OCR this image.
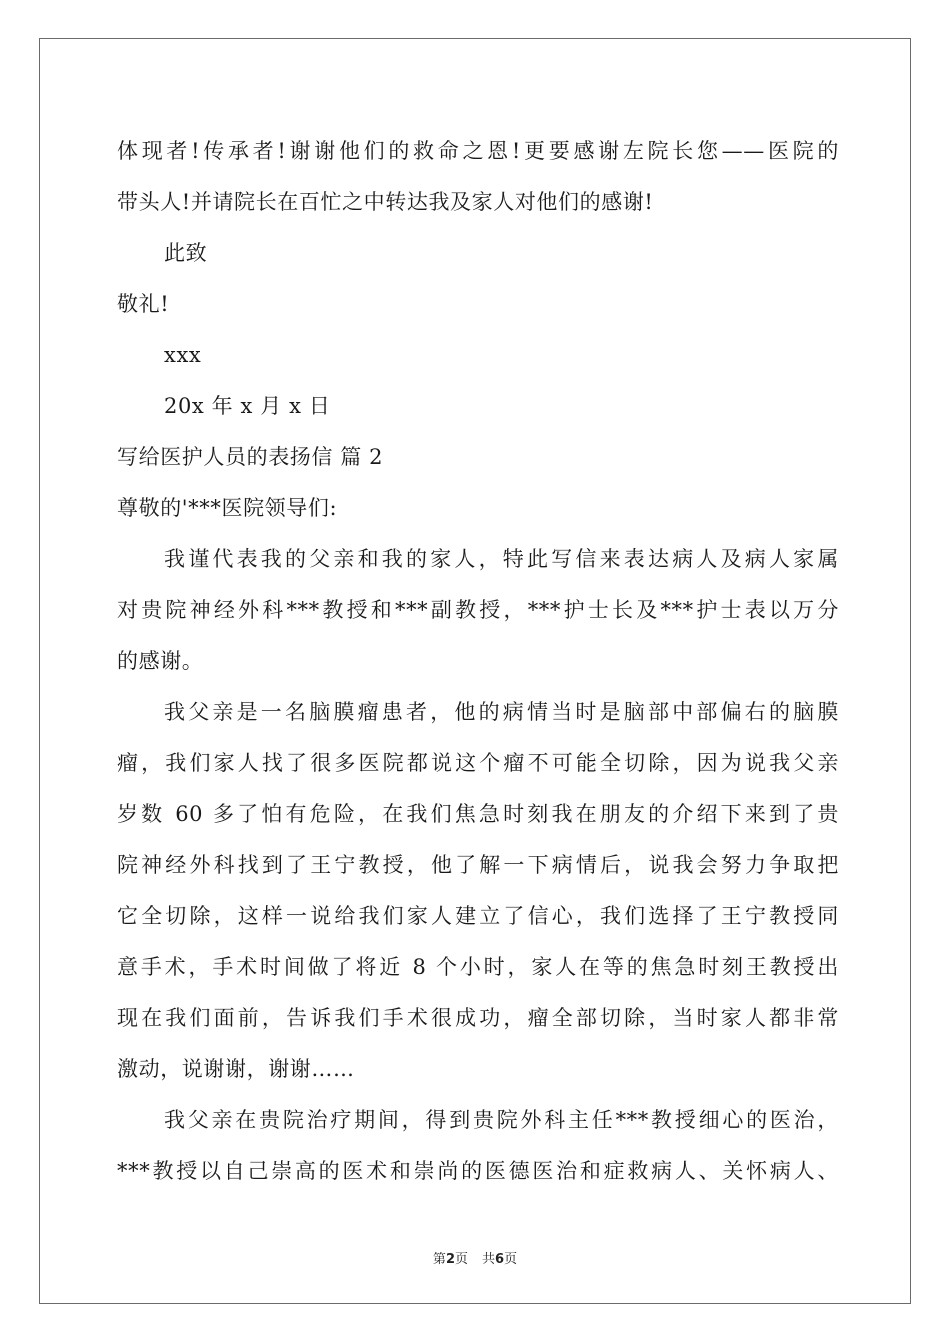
体现者!传承者!谢谢他们的救命之恩!更要感谢左院长您——医院的
带头人!并请院长在百忙之中转达我及家人对他们的感谢!
此致
敬礼!
xxx
20x 年 x 月 x 日
写给医护人员的表扬信 篇 2
尊敬的'***医院领导们:
我谨代表我的父亲和我的家人，特此写信来表达病人及病人家属
对贵院神经外科***教授和***副教授，***护士长及***护士表以万分
的感谢。
我父亲是一名脑膜瘤患者，他的病情当时是脑部中部偏右的脑膜
瘤，我们家人找了很多医院都说这个瘤不可能全切除，因为说我父亲
岁数 60 多了怕有危险，在我们焦急时刻我在朋友的介绍下来到了贵
院神经外科找到了王宁教授，他了解一下病情后，说我会努力争取把
它全切除，这样一说给我们家人建立了信心，我们选择了王宁教授同
意手术，手术时间做了将近 8 个小时，家人在等的焦急时刻王教授出
现在我们面前，告诉我们手术很成功，瘤全部切除，当时家人都非常
激动，说谢谢，谢谢……
我父亲在贵院治疗期间，得到贵院外科主任***教授细心的医治，
***教授以自己崇高的医术和崇尚的医德医治和症救病人、关怀病人、
第2页 共6页
